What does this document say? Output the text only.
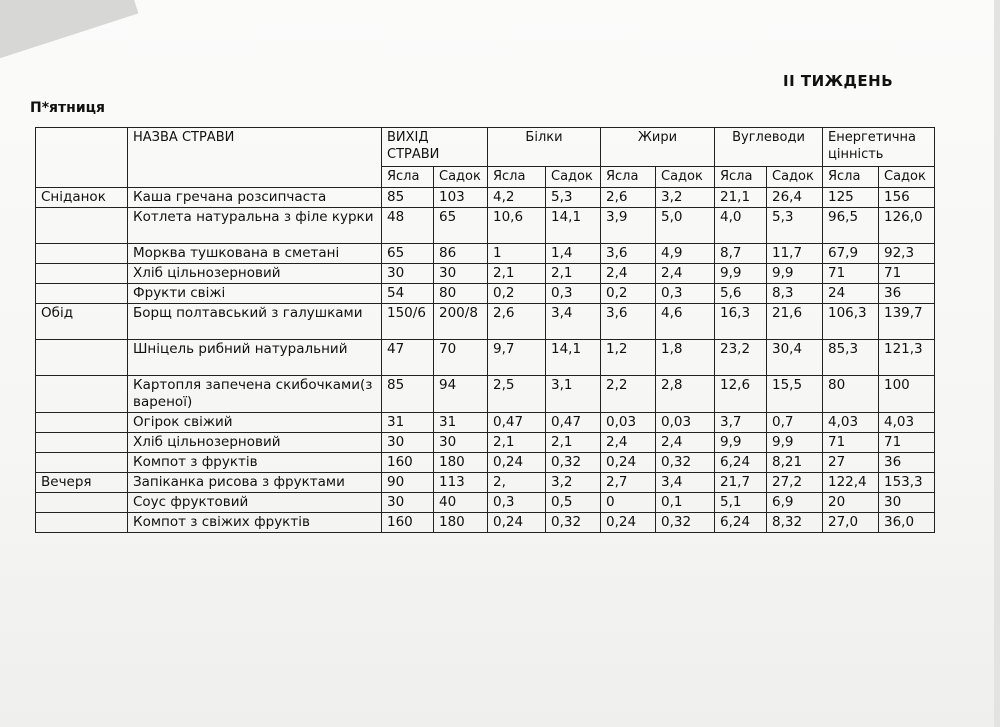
II ТИЖДЕНЬ
П*ятниця
	НАЗВА СТРАВИ	ВИХІД СТРАВИ		Білки		Жири		Вуглеводи		Енергетична цінність	
		Ясла	Садок	Ясла	Садок	Ясла	Садок	Ясла	Садок	Ясла	Садок
Сніданок	Каша гречана розсипчаста	85	103	4,2	5,3	2,6	3,2	21,1	26,4	125	156
	Котлета натуральна з філе курки	48	65	10,6	14,1	3,9	5,0	4,0	5,3	96,5	126,0
	Морква тушкована в сметані	65	86	1	1,4	3,6	4,9	8,7	11,7	67,9	92,3
	Хліб цільнозерновий	30	30	2,1	2,1	2,4	2,4	9,9	9,9	71	71
	Фрукти свіжі	54	80	0,2	0,3	0,2	0,3	5,6	8,3	24	36
Обід	Борщ полтавський з галушками	150/6	200/8	2,6	3,4	3,6	4,6	16,3	21,6	106,3	139,7
	Шніцель рибний натуральний	47	70	9,7	14,1	1,2	1,8	23,2	30,4	85,3	121,3
	Картопля запечена скибочками(з вареної)	85	94	2,5	3,1	2,2	2,8	12,6	15,5	80	100
	Огірок свіжий	31	31	0,47	0,47	0,03	0,03	3,7	0,7	4,03	4,03
	Хліб цільнозерновий	30	30	2,1	2,1	2,4	2,4	9,9	9,9	71	71
	Компот з фруктів	160	180	0,24	0,32	0,24	0,32	6,24	8,21	27	36
Вечеря	Запіканка рисова з фруктами	90	113	2,	3,2	2,7	3,4	21,7	27,2	122,4	153,3
	Соус фруктовий	30	40	0,3	0,5	0	0,1	5,1	6,9	20	30
	Компот з свіжих фруктів	160	180	0,24	0,32	0,24	0,32	6,24	8,32	27,0	36,0
